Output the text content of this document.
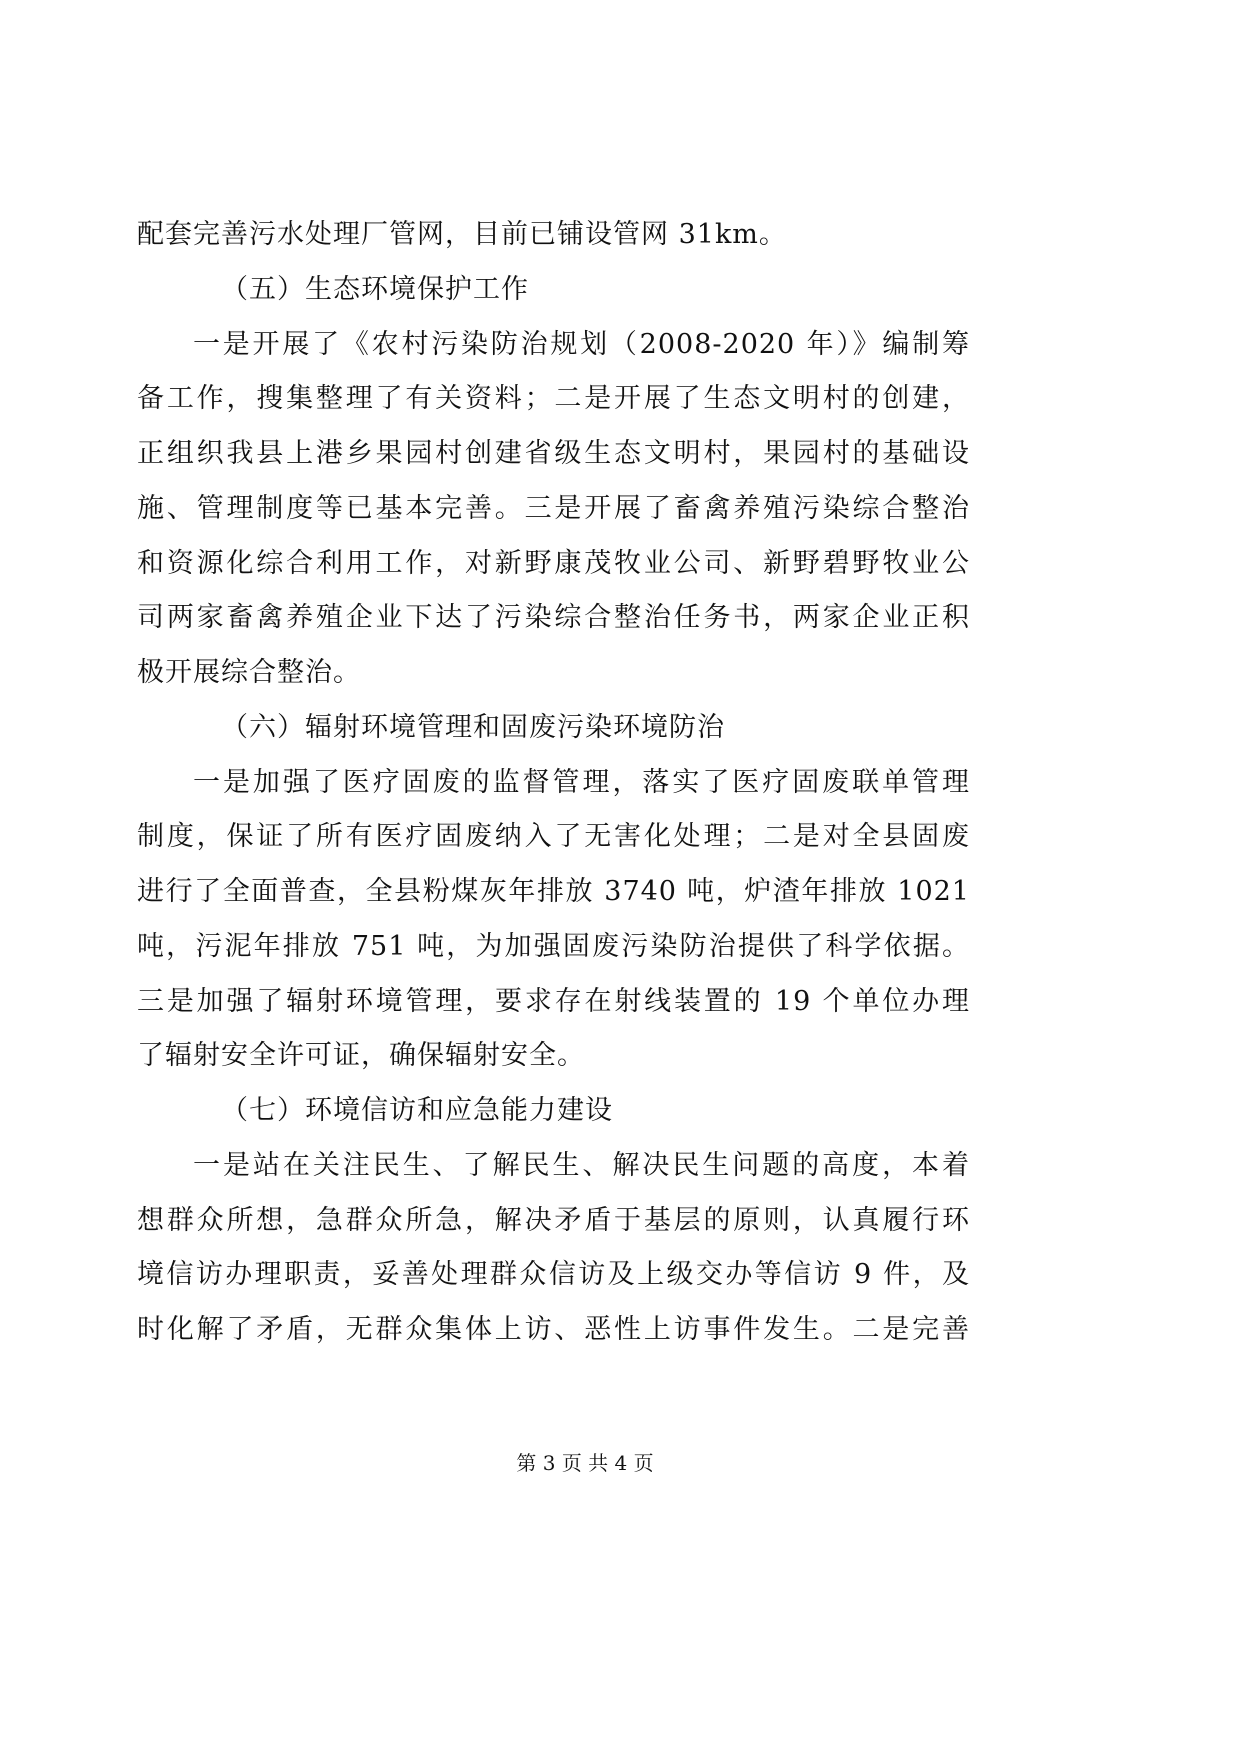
配套完善污水处理厂管网，目前已铺设管网 31km。
（五）生态环境保护工作
一是开展了《农村污染防治规划（2008-2020 年）》编制筹
备工作，搜集整理了有关资料；二是开展了生态文明村的创建，
正组织我县上港乡果园村创建省级生态文明村，果园村的基础设
施、管理制度等已基本完善。三是开展了畜禽养殖污染综合整治
和资源化综合利用工作，对新野康茂牧业公司、新野碧野牧业公
司两家畜禽养殖企业下达了污染综合整治任务书，两家企业正积
极开展综合整治。
（六）辐射环境管理和固废污染环境防治
一是加强了医疗固废的监督管理，落实了医疗固废联单管理
制度，保证了所有医疗固废纳入了无害化处理；二是对全县固废
进行了全面普查，全县粉煤灰年排放 3740 吨，炉渣年排放 1021
吨，污泥年排放 751 吨，为加强固废污染防治提供了科学依据。
三是加强了辐射环境管理，要求存在射线装置的 19 个单位办理
了辐射安全许可证，确保辐射安全。
（七）环境信访和应急能力建设
一是站在关注民生、了解民生、解决民生问题的高度，本着
想群众所想，急群众所急，解决矛盾于基层的原则，认真履行环
境信访办理职责，妥善处理群众信访及上级交办等信访 9 件，及
时化解了矛盾，无群众集体上访、恶性上访事件发生。二是完善
第 3 页 共 4 页
